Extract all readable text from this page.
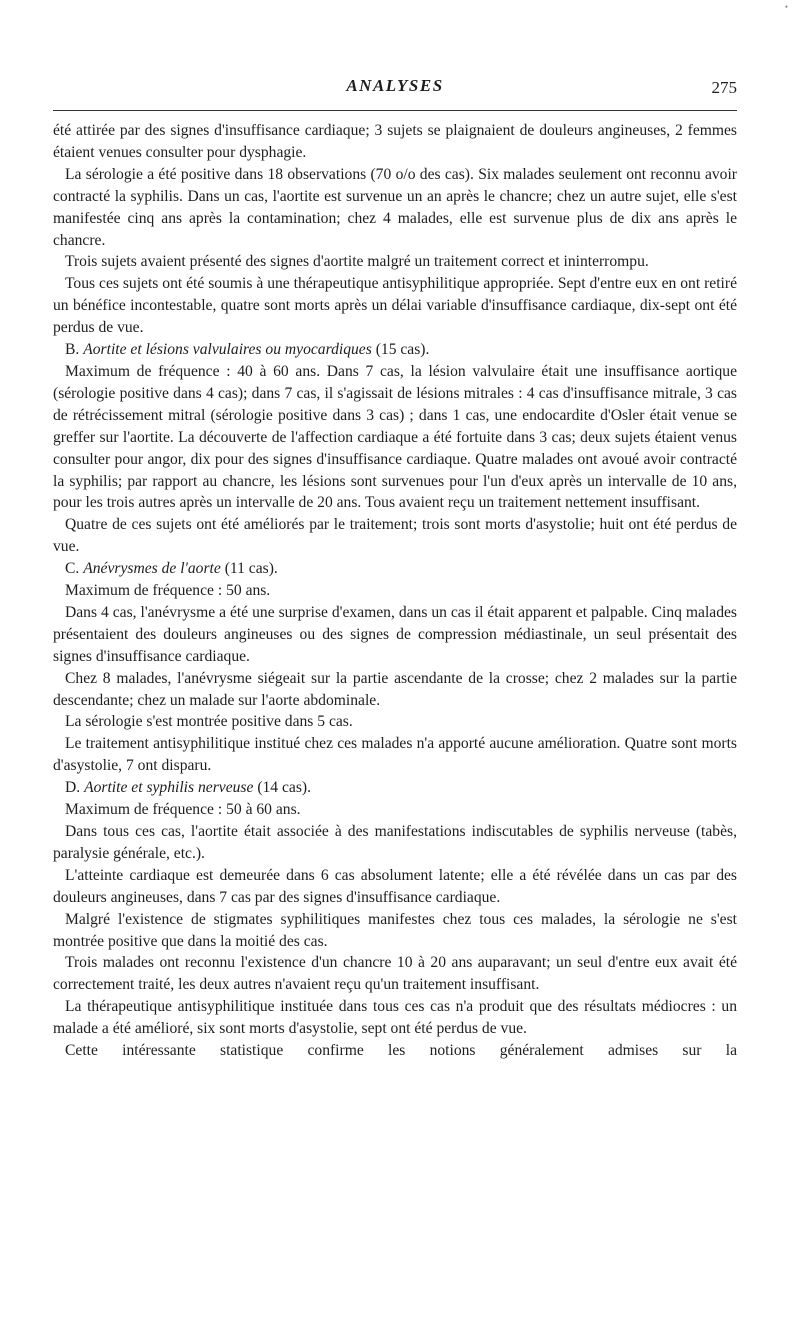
•
ANALYSES	275

été attirée par des signes d'insuffisance cardiaque; 3 sujets se plaignaient de douleurs angineuses, 2 femmes étaient venues consulter pour dysphagie.

La sérologie a été positive dans 18 observations (70 o/o des cas). Six malades seulement ont reconnu avoir contracté la syphilis. Dans un cas, l'aortite est survenue un an après le chancre; chez un autre sujet, elle s'est manifestée cinq ans après la contamination; chez 4 malades, elle est survenue plus de dix ans après le chancre.

Trois sujets avaient présenté des signes d'aortite malgré un traitement correct et ininterrompu.

Tous ces sujets ont été soumis à une thérapeutique antisyphilitique appropriée. Sept d'entre eux en ont retiré un bénéfice incontestable, quatre sont morts après un délai variable d'insuffisance cardiaque, dix-sept ont été perdus de vue.

B. Aortite et lésions valvulaires ou myocardiques (15 cas).

Maximum de fréquence : 40 à 60 ans. Dans 7 cas, la lésion valvulaire était une insuffisance aortique (sérologie positive dans 4 cas); dans 7 cas, il s'agissait de lésions mitrales : 4 cas d'insuffisance mitrale, 3 cas de rétrécissement mitral (sérologie positive dans 3 cas) ; dans 1 cas, une endocardite d'Osler était venue se greffer sur l'aortite. La découverte de l'affection cardiaque a été fortuite dans 3 cas; deux sujets étaient venus consulter pour angor, dix pour des signes d'insuffisance cardiaque. Quatre malades ont avoué avoir contracté la syphilis; par rapport au chancre, les lésions sont survenues pour l'un d'eux après un intervalle de 10 ans, pour les trois autres après un intervalle de 20 ans. Tous avaient reçu un traitement nettement insuffisant.

Quatre de ces sujets ont été améliorés par le traitement; trois sont morts d'asystolie; huit ont été perdus de vue.

C. Anévrysmes de l'aorte (11 cas).

Maximum de fréquence : 50 ans.

Dans 4 cas, l'anévrysme a été une surprise d'examen, dans un cas il était apparent et palpable. Cinq malades présentaient des douleurs angineuses ou des signes de compression médiastinale, un seul présentait des signes d'insuffisance cardiaque.

Chez 8 malades, l'anévrysme siégeait sur la partie ascendante de la crosse; chez 2 malades sur la partie descendante; chez un malade sur l'aorte abdominale.

La sérologie s'est montrée positive dans 5 cas.

Le traitement antisyphilitique institué chez ces malades n'a apporté aucune amélioration. Quatre sont morts d'asystolie, 7 ont disparu.

D. Aortite et syphilis nerveuse (14 cas).

Maximum de fréquence : 50 à 60 ans.

Dans tous ces cas, l'aortite était associée à des manifestations indiscutables de syphilis nerveuse (tabès, paralysie générale, etc.).

L'atteinte cardiaque est demeurée dans 6 cas absolument latente; elle a été révélée dans un cas par des douleurs angineuses, dans 7 cas par des signes d'insuffisance cardiaque.

Malgré l'existence de stigmates syphilitiques manifestes chez tous ces malades, la sérologie ne s'est montrée positive que dans la moitié des cas.

Trois malades ont reconnu l'existence d'un chancre 10 à 20 ans auparavant; un seul d'entre eux avait été correctement traité, les deux autres n'avaient reçu qu'un traitement insuffisant.

La thérapeutique antisyphilitique instituée dans tous ces cas n'a produit que des résultats médiocres : un malade a été amélioré, six sont morts d'asystolie, sept ont été perdus de vue.

Cette intéressante statistique confirme les notions généralement admises sur la
